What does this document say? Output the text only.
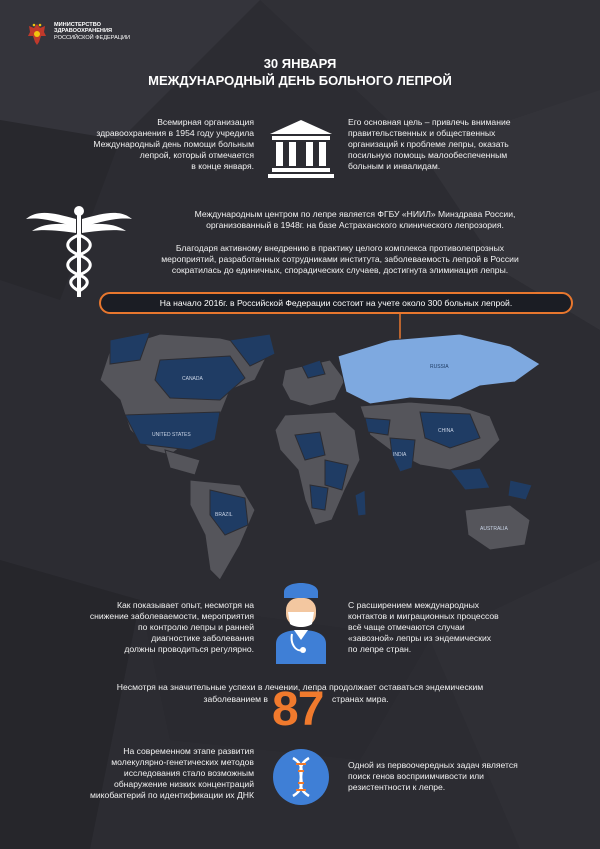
МИНИСТЕРСТВО
ЗДРАВООХРАНЕНИЯ
РОССИЙСКОЙ ФЕДЕРАЦИИ
30 ЯНВАРЯ
МЕЖДУНАРОДНЫЙ ДЕНЬ БОЛЬНОГО ЛЕПРОЙ
Всемирная организация
здравоохранения в 1954 году учредила
Международный день помощи больным
лепрой, который отмечается
в конце января.
Его основная цель – привлечь внимание
правительственных и общественных
организаций к проблеме лепры, оказать
посильную помощь малообеспеченным
больным и инвалидам.
Международным центром по лепре является ФГБУ «НИИЛ» Минздрава России,
организованный в 1948г. на базе Астраханского клинического лепрозория.
Благодаря активному внедрению в практику целого комплекса противолепрозных
мероприятий, разработанных сотрудниками института, заболеваемость лепрой в России
сократилась до единичных, спорадических случаев, достигнута элиминация лепры.
На начало 2016г. в Российской Федерации состоит на учете около 300 больных лепрой.
CANADA
UNITED STATES
RUSSIA
CHINA
INDIA
BRAZIL
AUSTRALIA
Как показывает опыт, несмотря на
снижение заболеваемости, мероприятия
по контролю лепры и ранней
диагностике заболевания
должны проводиться регулярно.
С расширением международных
контактов и миграционных процессов
всё чаще отмечаются случаи
«завозной» лепры из эндемических
по лепре стран.
Несмотря на значительные успехи в лечении, лепра продолжает оставаться эндемическим
заболеванием в 87 странах мира.
На современном этапе развития
молекулярно-генетических методов
исследования стало возможным
обнаружение низких концентраций
микобактерий по идентификации их ДНК
Одной из первоочередных задач является
поиск генов восприимчивости или
резистентности к лепре.
